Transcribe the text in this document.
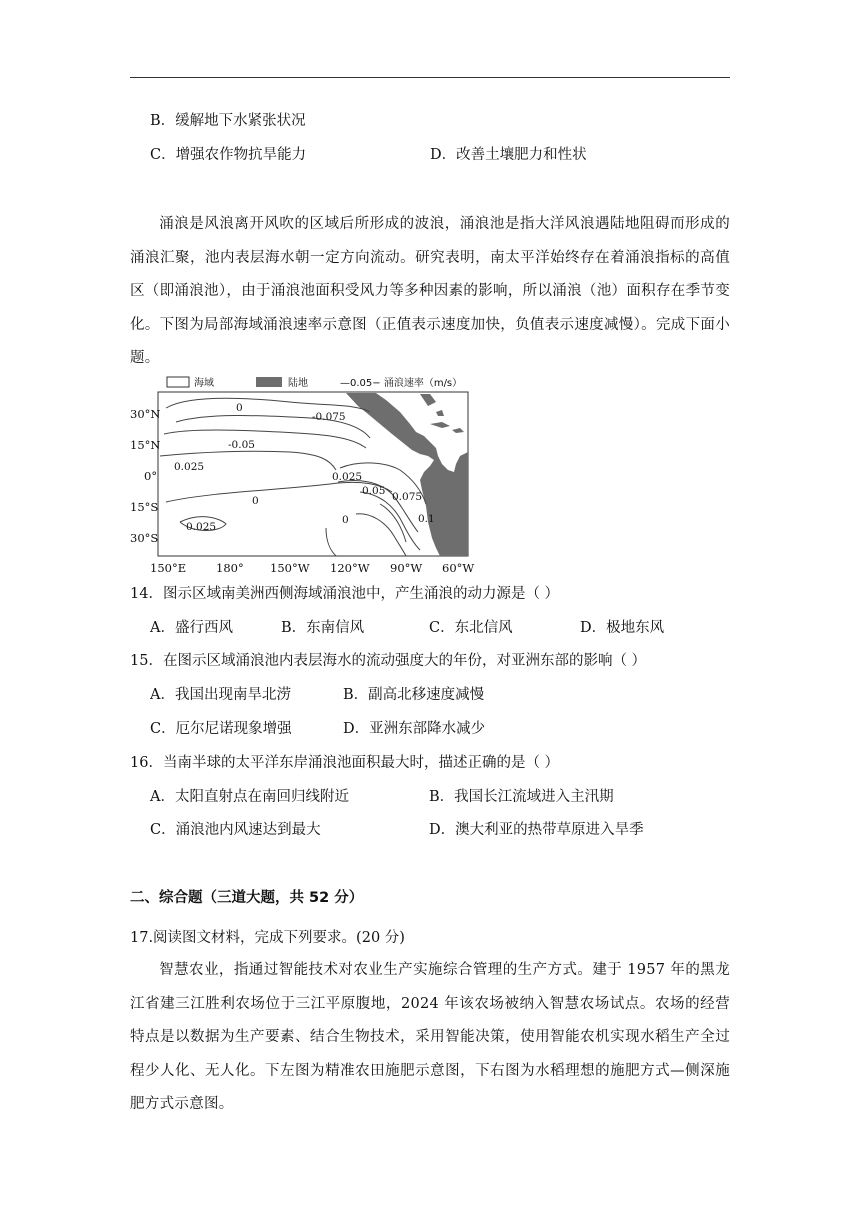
B．缓解地下水紧张状况
C．增强农作物抗旱能力	D．改善土壤肥力和性状
涌浪是风浪离开风吹的区域后所形成的波浪，涌浪池是指大洋风浪遇陆地阻碍而形成的涌浪汇聚，池内表层海水朝一定方向流动。研究表明，南太平洋始终存在着涌浪指标的高值区（即涌浪池），由于涌浪池面积受风力等多种因素的影响，所以涌浪（池）面积存在季节变化。下图为局部海域涌浪速率示意图（正值表示速度加快，负值表示速度减慢）。完成下面小题。
海域	陆地	—0.05− 涌浪速率（m/s）
0
-0.075
-0.05
0.025
0.025
0.05 0.075
0.1
0
0.025
0
30°N
15°N
0°
15°S
30°S
150°E	180° 150°W 120°W 90°W 60°W
14．图示区域南美洲西侧海域涌浪池中，产生涌浪的动力源是（ ）
A．盛行西风	B．东南信风	C．东北信风	D．极地东风
15．在图示区域涌浪池内表层海水的流动强度大的年份，对亚洲东部的影响（ ）
A．我国出现南旱北涝	B．副高北移速度减慢
C．厄尔尼诺现象增强	D．亚洲东部降水减少
16．当南半球的太平洋东岸涌浪池面积最大时，描述正确的是（ ）
A．太阳直射点在南回归线附近	B．我国长江流域进入主汛期
C．涌浪池内风速达到最大	D．澳大利亚的热带草原进入旱季
二、综合题（三道大题，共 52 分）
17.阅读图文材料，完成下列要求。(20 分)
智慧农业，指通过智能技术对农业生产实施综合管理的生产方式。建于 1957 年的黑龙江省建三江胜利农场位于三江平原腹地，2024 年该农场被纳入智慧农场试点。农场的经营特点是以数据为生产要素、结合生物技术，采用智能决策，使用智能农机实现水稻生产全过程少人化、无人化。下左图为精准农田施肥示意图，下右图为水稻理想的施肥方式—侧深施肥方式示意图。
